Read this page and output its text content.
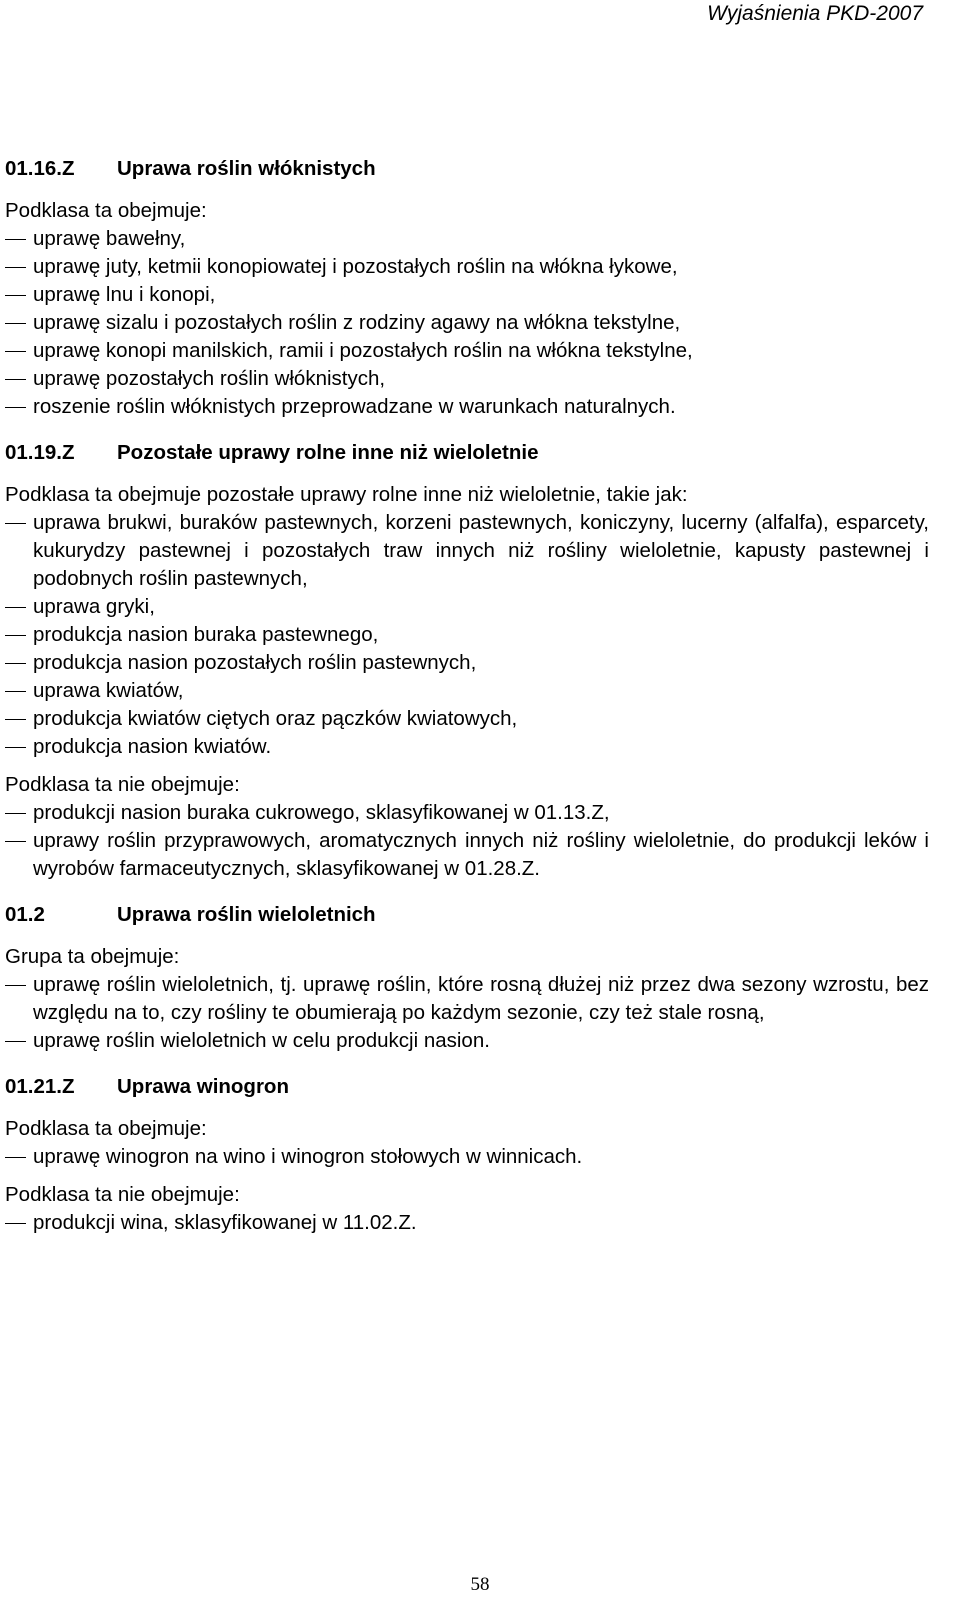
Wyjaśnienia PKD-2007
01.16.Z	Uprawa roślin włóknistych
Podklasa ta obejmuje:
uprawę bawełny,
uprawę juty, ketmii konopiowatej i pozostałych roślin na włókna łykowe,
uprawę lnu i konopi,
uprawę sizalu i pozostałych roślin z rodziny agawy na włókna tekstylne,
uprawę konopi manilskich, ramii i pozostałych roślin na włókna tekstylne,
uprawę pozostałych roślin włóknistych,
roszenie roślin włóknistych przeprowadzane w warunkach naturalnych.
01.19.Z	Pozostałe uprawy rolne inne niż wieloletnie
Podklasa ta obejmuje pozostałe uprawy rolne inne niż wieloletnie, takie jak:
uprawa brukwi, buraków pastewnych, korzeni pastewnych, koniczyny, lucerny (alfalfa), esparcety, kukurydzy pastewnej i pozostałych traw innych niż rośliny wieloletnie, kapusty pastewnej i podobnych roślin pastewnych,
uprawa gryki,
produkcja nasion buraka pastewnego,
produkcja nasion pozostałych roślin pastewnych,
uprawa kwiatów,
produkcja kwiatów ciętych oraz pączków kwiatowych,
produkcja nasion kwiatów.
Podklasa ta nie obejmuje:
produkcji nasion buraka cukrowego, sklasyfikowanej w 01.13.Z,
uprawy roślin przyprawowych, aromatycznych innych niż rośliny wieloletnie, do produkcji leków i wyrobów farmaceutycznych, sklasyfikowanej w 01.28.Z.
01.2	Uprawa roślin wieloletnich
Grupa ta obejmuje:
uprawę roślin wieloletnich, tj. uprawę roślin, które rosną dłużej niż przez dwa sezony wzrostu, bez względu na to, czy rośliny te obumierają po każdym sezonie, czy też stale rosną,
uprawę roślin wieloletnich w celu produkcji nasion.
01.21.Z	Uprawa winogron
Podklasa ta obejmuje:
uprawę winogron na wino i winogron stołowych w winnicach.
Podklasa ta nie obejmuje:
produkcji wina, sklasyfikowanej w 11.02.Z.
58
